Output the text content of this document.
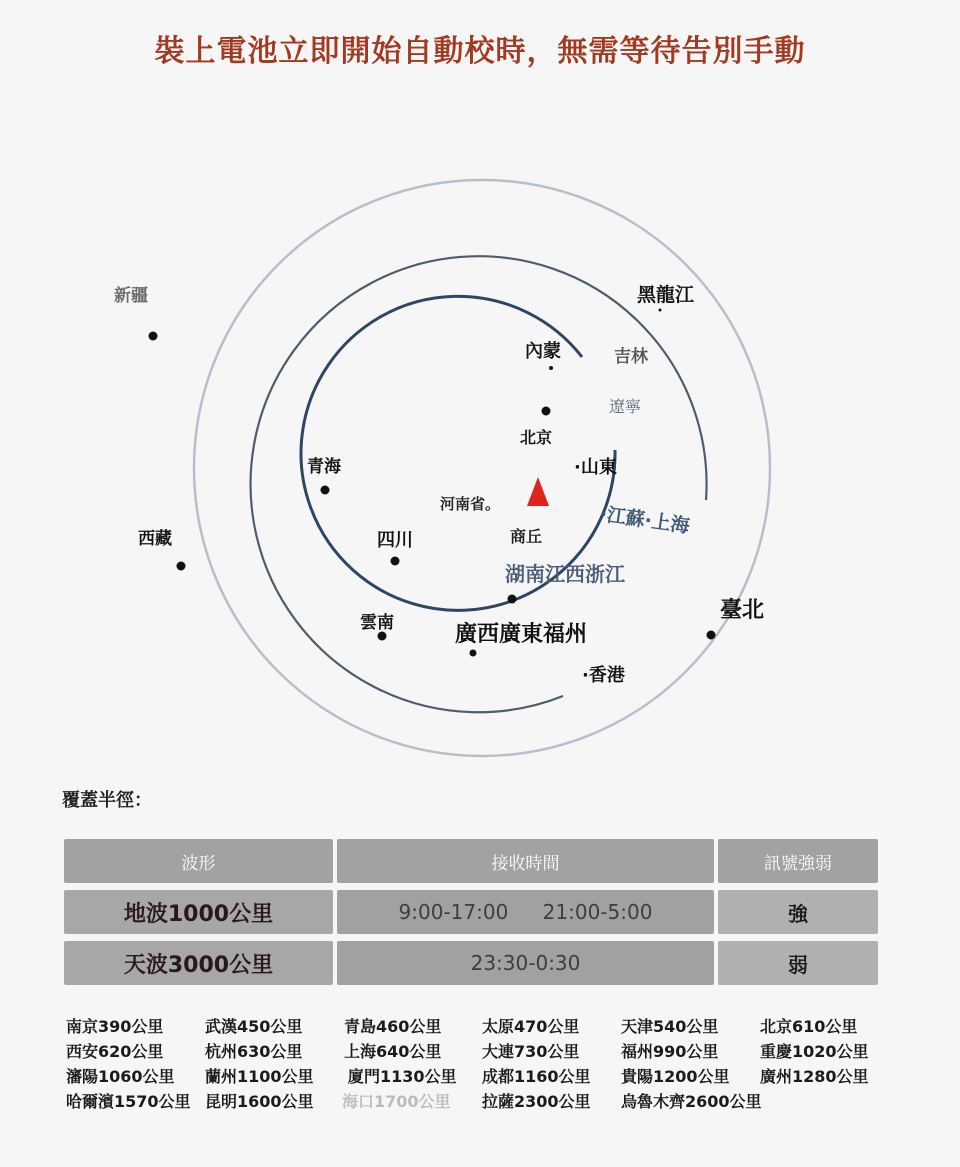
裝上電池立即開始自動校時，無需等待告別手動
新疆	黑龍江
內蒙	吉林
遼寧
北京
青海	·山東
河南省。	·江蘇·上海
西藏	四川	商丘
湖南江西浙江
雲南	廣西廣東福州
臺北
·香港
覆蓋半徑：
波形	接收時間	訊號強弱
地波1000公里	9:00-17:00 21:00-5:00	強
天波3000公里	23:30-0:30	弱
南京390公里	武漢450公里	青島460公里	太原470公里	天津540公里	北京610公里
西安620公里	杭州630公里	上海640公里	大連730公里	福州990公里	重慶1020公里
瀋陽1060公里 蘭州1100公里 廈門1130公里 成都1160公里 貴陽1200公里 廣州1280公里
哈爾濱1570公里 昆明1600公里 海口1700公里 拉薩2300公里 烏魯木齊2600公里
